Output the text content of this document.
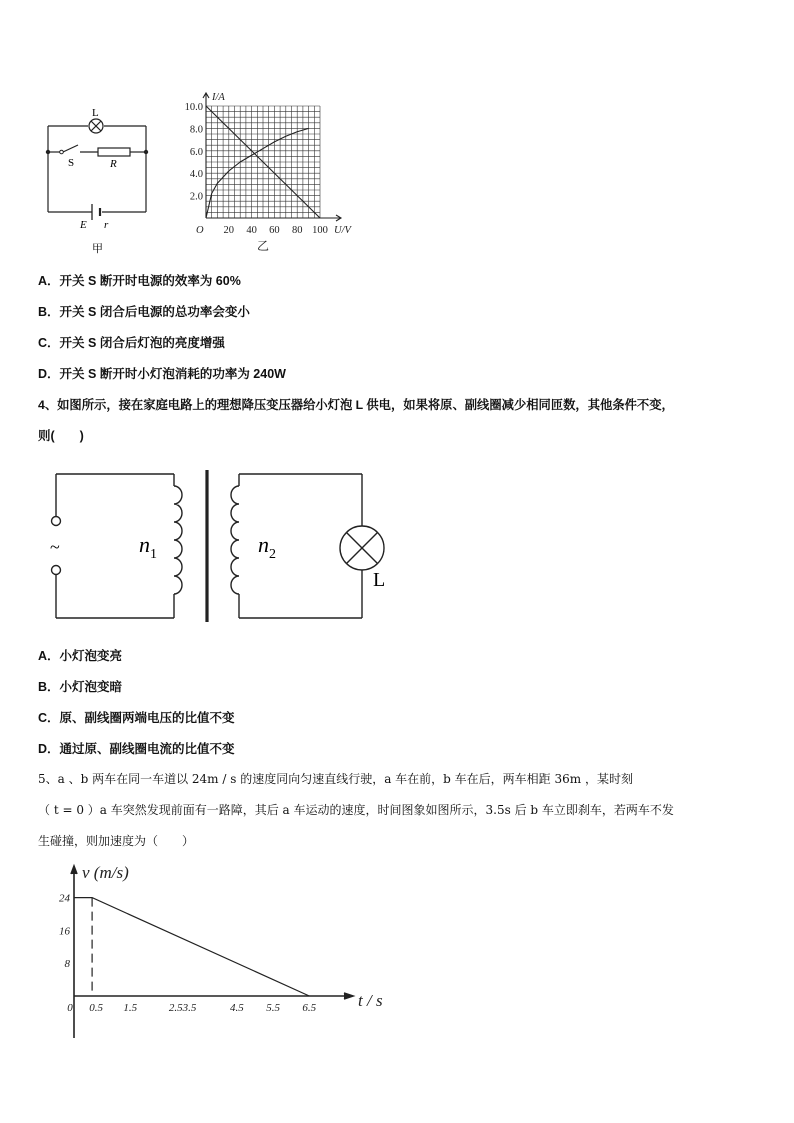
L
S	R
E r
甲
10.0
8.0
6.0
4.0
2.0
20 40 60 80 100
O
I/A
U/V
乙
A．开关 S 断开时电源的效率为 60%
B．开关 S 闭合后电源的总功率会变小
C．开关 S 闭合后灯泡的亮度增强
D．开关 S 断开时小灯泡消耗的功率为 240W
4、如图所示，接在家庭电路上的理想降压变压器给小灯泡 L 供电，如果将原、副线圈减少相同匝数，其他条件不变，
则(　　)
~	$n_1$	$n_2$
L
A．小灯泡变亮
B．小灯泡变暗
C．原、副线圈两端电压的比值不变
D．通过原、副线圈电流的比值不变
5、a 、b 两车在同一车道以 24m / s 的速度同向匀速直线行驶，a 车在前，b 车在后，两车相距 36m ，某时刻
（ t = 0 ）a 车突然发现前面有一路障，其后 a 车运动的速度，时间图象如图所示，3.5s 后 b 车立即刹车，若两车不发
生碰撞，则加速度为（　　）
24
16
8
0 0.5 1.5	2.53.5	4.5 5.5 6.5
v (m/s)
t / s
